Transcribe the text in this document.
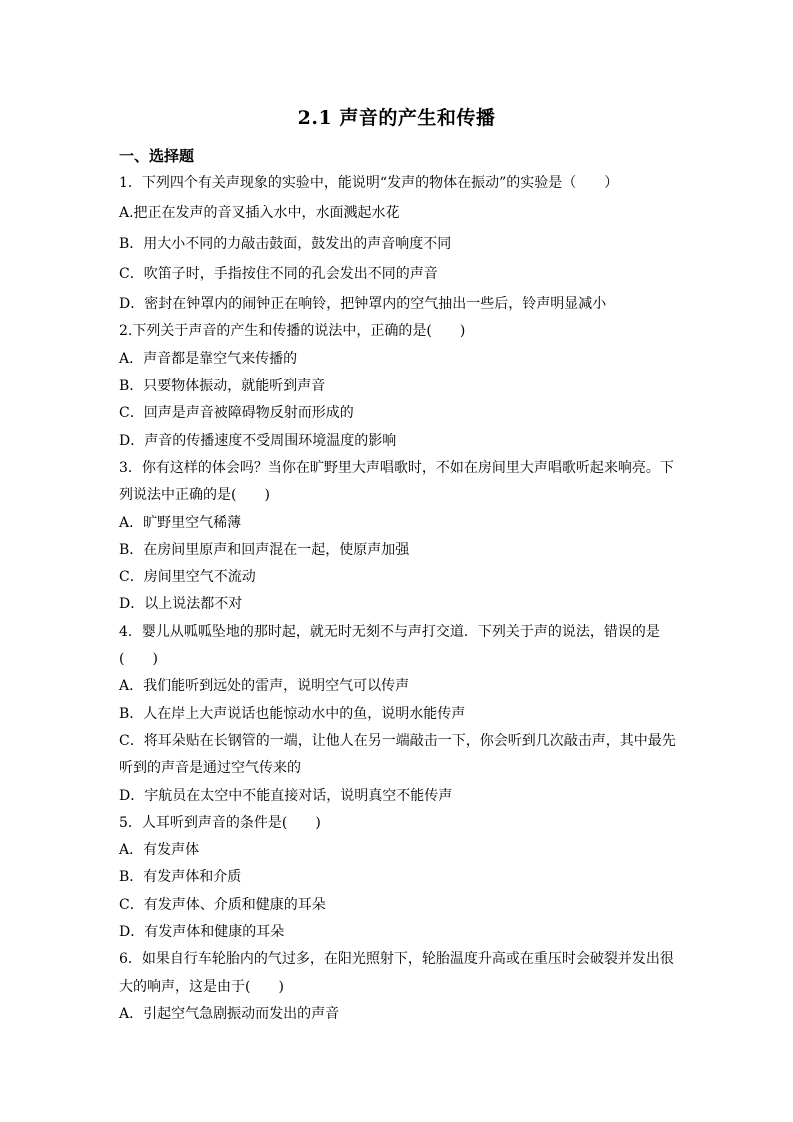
2.1 声音的产生和传播
一、选择题
1．下列四个有关声现象的实验中，能说明“发声的物体在振动”的实验是（　　）
A.把正在发声的音叉插入水中，水面溅起水花
B．用大小不同的力敲击鼓面，鼓发出的声音响度不同
C．吹笛子时，手指按住不同的孔会发出不同的声音
D．密封在钟罩内的闹钟正在响铃，把钟罩内的空气抽出一些后，铃声明显减小
2.下列关于声音的产生和传播的说法中，正确的是(　　)
A．声音都是靠空气来传播的
B．只要物体振动，就能听到声音
C．回声是声音被障碍物反射而形成的
D．声音的传播速度不受周围环境温度的影响
3．你有这样的体会吗？当你在旷野里大声唱歌时，不如在房间里大声唱歌听起来响亮。下
列说法中正确的是(　　)
A．旷野里空气稀薄
B．在房间里原声和回声混在一起，使原声加强
C．房间里空气不流动
D．以上说法都不对
4．婴儿从呱呱坠地的那时起，就无时无刻不与声打交道．下列关于声的说法，错误的是
(　　)
A．我们能听到远处的雷声，说明空气可以传声
B．人在岸上大声说话也能惊动水中的鱼，说明水能传声
C．将耳朵贴在长钢管的一端，让他人在另一端敲击一下，你会听到几次敲击声，其中最先
听到的声音是通过空气传来的
D．宇航员在太空中不能直接对话，说明真空不能传声
5．人耳听到声音的条件是(　　)
A．有发声体
B．有发声体和介质
C．有发声体、介质和健康的耳朵
D．有发声体和健康的耳朵
6．如果自行车轮胎内的气过多，在阳光照射下，轮胎温度升高或在重压时会破裂并发出很
大的响声，这是由于(　　)
A．引起空气急剧振动而发出的声音
